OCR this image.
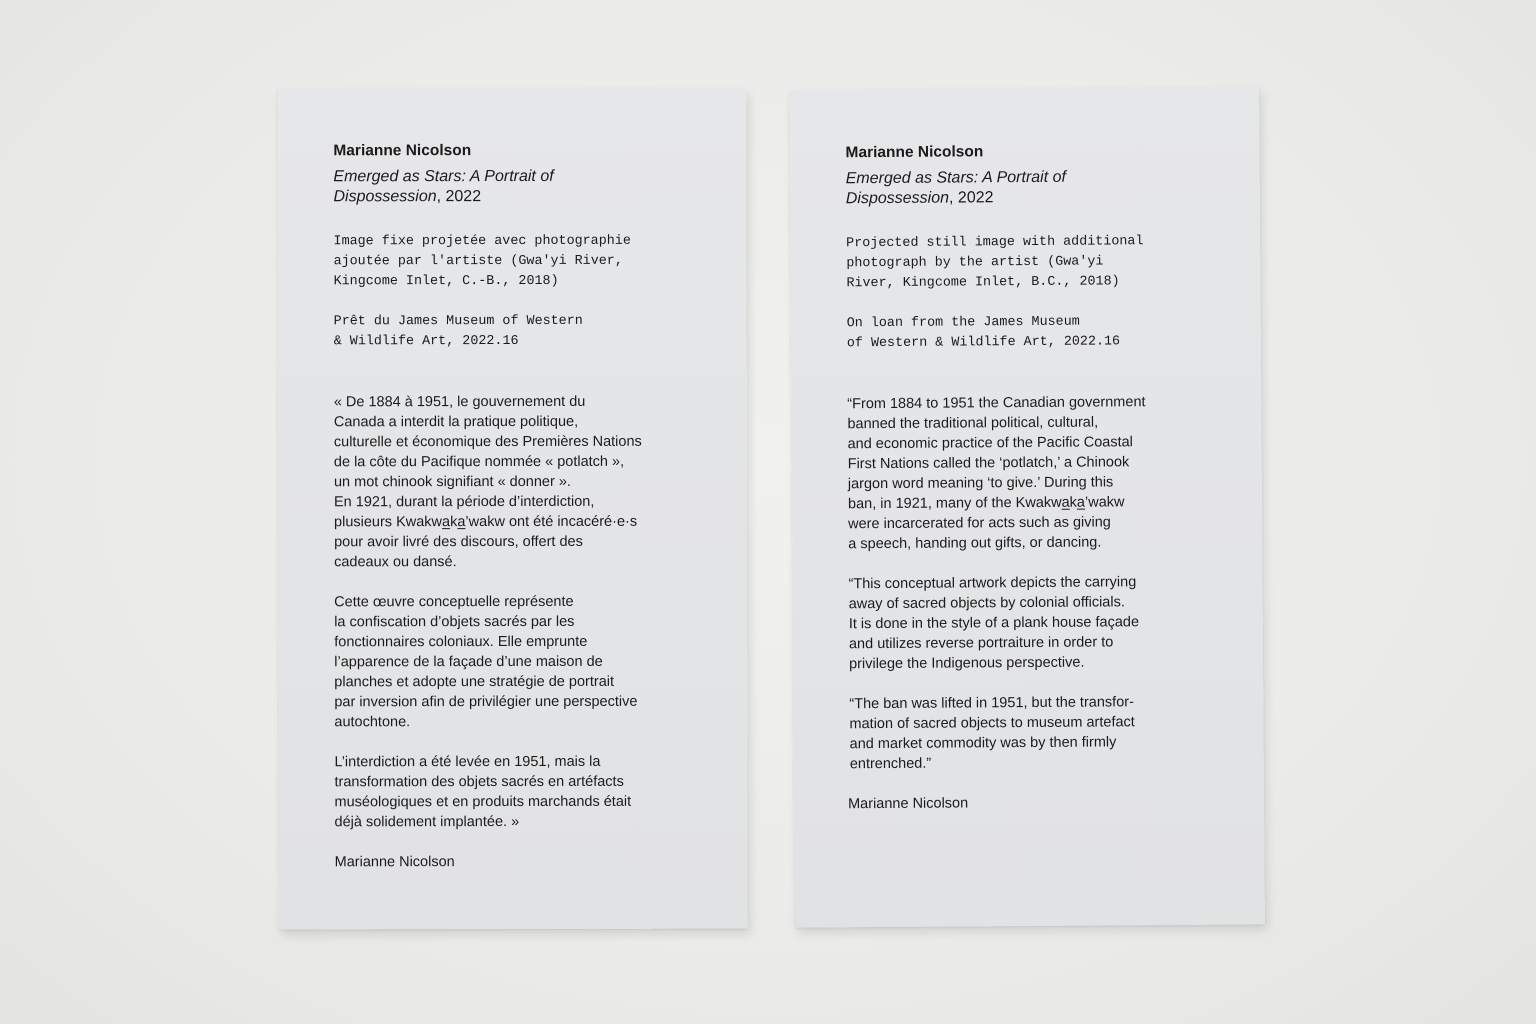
Marianne Nicolson

Emerged as Stars: A Portrait of Dispossession, 2022

Image fixe projetée avec photographie
ajoutée par l'artiste (Gwa'yi River,
Kingcome Inlet, C.-B., 2018)

Prêt du James Museum of Western
& Wildlife Art, 2022.16

« De 1884 à 1951, le gouvernement du
Canada a interdit la pratique politique,
culturelle et économique des Premières Nations
de la côte du Pacifique nommée « potlatch »,
un mot chinook signifiant « donner ».
En 1921, durant la période d’interdiction,
plusieurs Kwakwaka’wakw ont été incacéré·e·s
pour avoir livré des discours, offert des
cadeaux ou dansé.

Cette œuvre conceptuelle représente
la confiscation d’objets sacrés par les
fonctionnaires coloniaux. Elle emprunte
l’apparence de la façade d’une maison de
planches et adopte une stratégie de portrait
par inversion afin de privilégier une perspective
autochtone.

L’interdiction a été levée en 1951, mais la
transformation des objets sacrés en artéfacts
muséologiques et en produits marchands était
déjà solidement implantée. »

Marianne Nicolson

Marianne Nicolson

Emerged as Stars: A Portrait of Dispossession, 2022

Projected still image with additional
photograph by the artist (Gwa'yi
River, Kingcome Inlet, B.C., 2018)

On loan from the James Museum
of Western & Wildlife Art, 2022.16

“From 1884 to 1951 the Canadian government
banned the traditional political, cultural,
and economic practice of the Pacific Coastal
First Nations called the ‘potlatch,’ a Chinook
jargon word meaning ‘to give.’ During this
ban, in 1921, many of the Kwakwaka’wakw
were incarcerated for acts such as giving
a speech, handing out gifts, or dancing.

“This conceptual artwork depicts the carrying
away of sacred objects by colonial officials.
It is done in the style of a plank house façade
and utilizes reverse portraiture in order to
privilege the Indigenous perspective.

“The ban was lifted in 1951, but the transfor-
mation of sacred objects to museum artefact
and market commodity was by then firmly
entrenched.”

Marianne Nicolson
